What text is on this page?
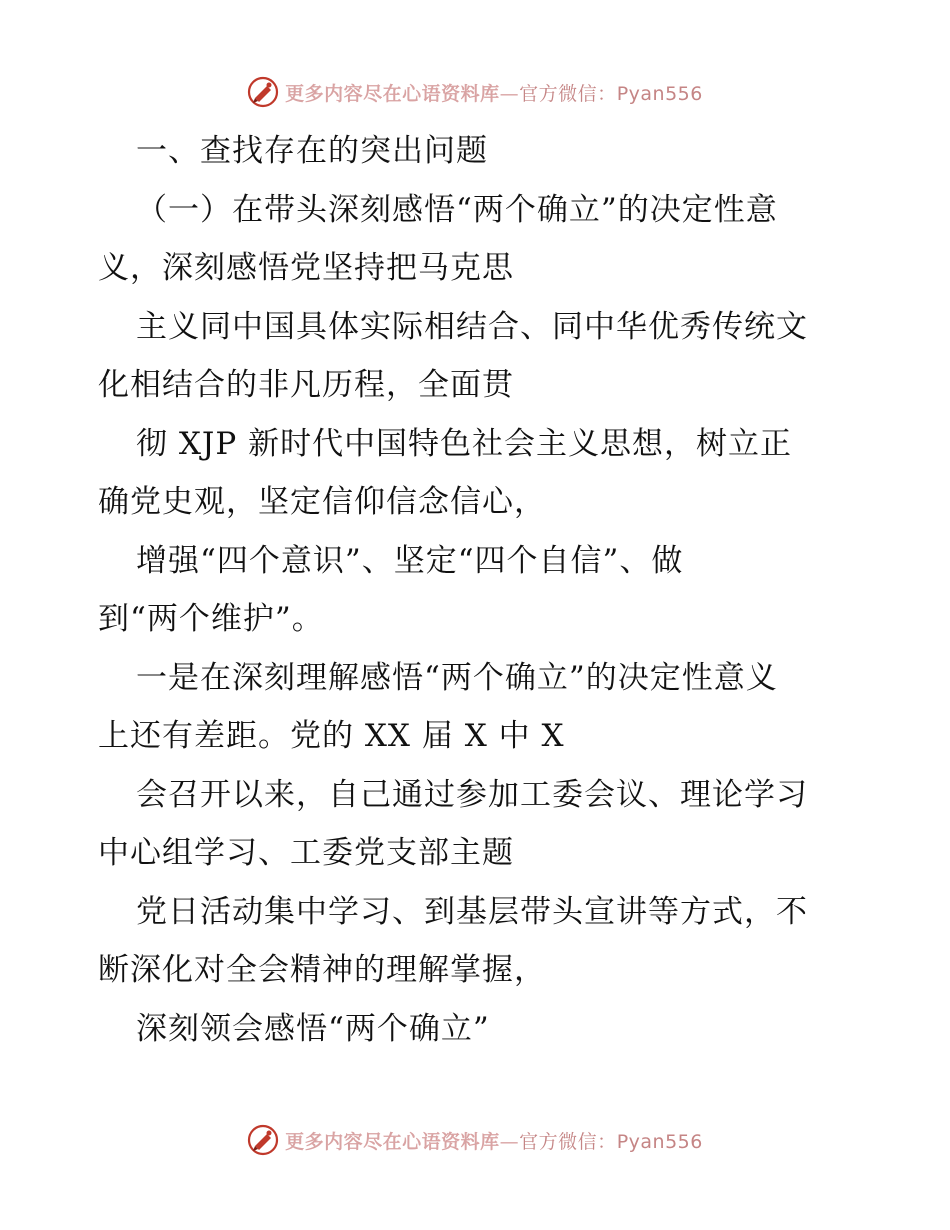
更多内容尽在心语资料库—官方微信：Pyan556
一、查找存在的突出问题
（一）在带头深刻感悟“两个确立”的决定性意
义，深刻感悟党坚持把马克思
主义同中国具体实际相结合、同中华优秀传统文
化相结合的非凡历程，全面贯
彻 XJP 新时代中国特色社会主义思想，树立正
确党史观，坚定信仰信念信心，
增强“四个意识”、坚定“四个自信”、做
到“两个维护”。
一是在深刻理解感悟“两个确立”的决定性意义
上还有差距。党的 XX 届 X 中 X
会召开以来，自己通过参加工委会议、理论学习
中心组学习、工委党支部主题
党日活动集中学习、到基层带头宣讲等方式，不
断深化对全会精神的理解掌握，
深刻领会感悟“两个确立”
更多内容尽在心语资料库—官方微信：Pyan556
